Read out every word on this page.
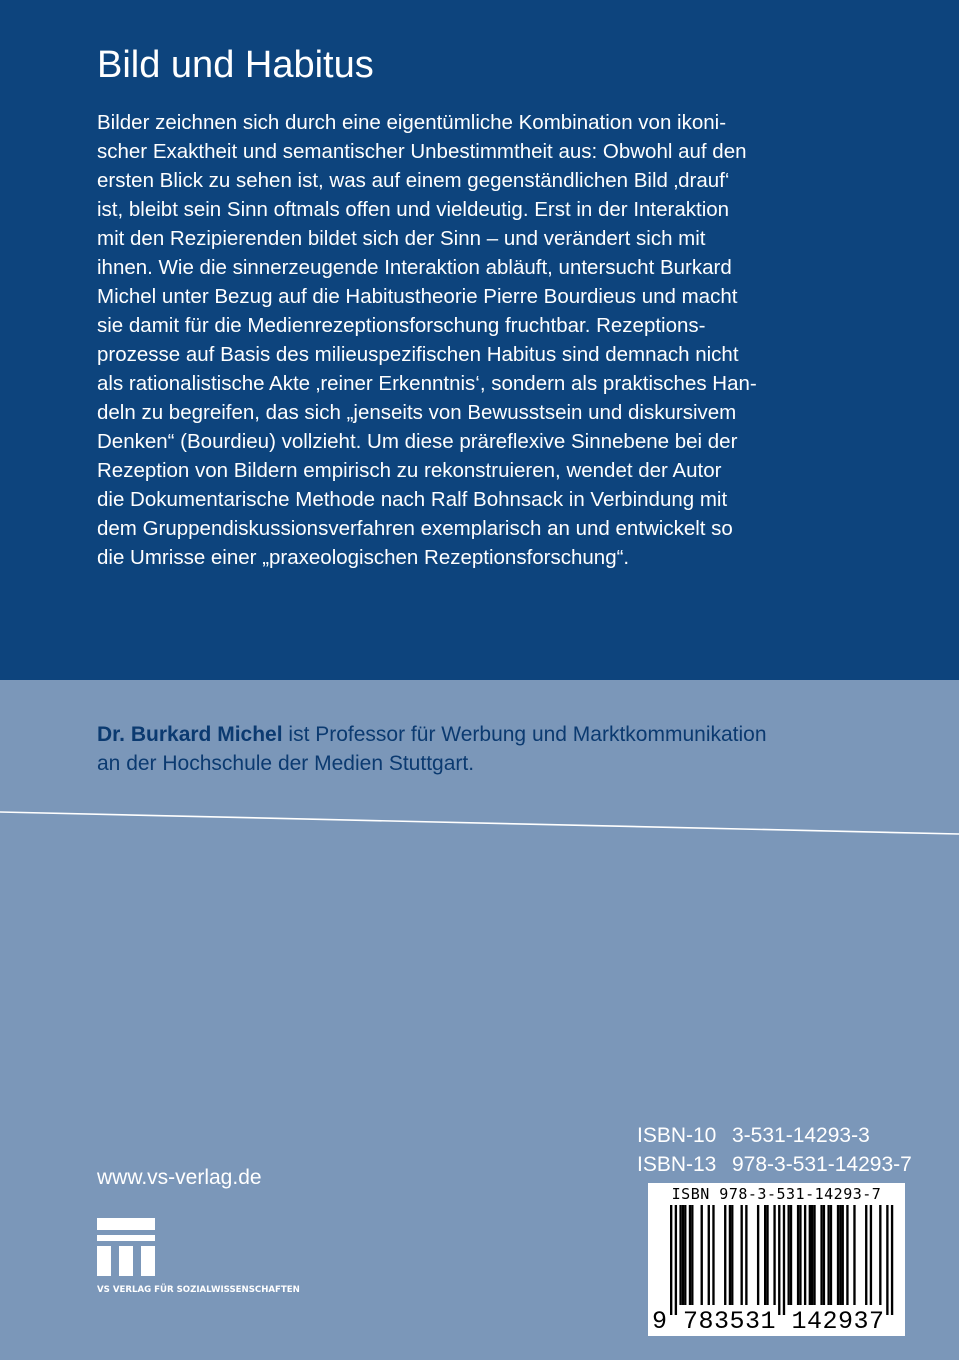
Bild und Habitus
Bilder zeichnen sich durch eine eigentümliche Kombination von ikoni-
scher Exaktheit und semantischer Unbestimmtheit aus: Obwohl auf den
ersten Blick zu sehen ist, was auf einem gegenständlichen Bild ‚drauf‘
ist, bleibt sein Sinn oftmals offen und vieldeutig. Erst in der Interaktion
mit den Rezipierenden bildet sich der Sinn – und verändert sich mit
ihnen. Wie die sinnerzeugende Interaktion abläuft, untersucht Burkard
Michel unter Bezug auf die Habitustheorie Pierre Bourdieus und macht
sie damit für die Medienrezeptionsforschung fruchtbar. Rezeptions-
prozesse auf Basis des milieuspezifischen Habitus sind demnach nicht
als rationalistische Akte ‚reiner Erkenntnis‘, sondern als praktisches Han-
deln zu begreifen, das sich „jenseits von Bewusstsein und diskursivem
Denken“ (Bourdieu) vollzieht. Um diese präreflexive Sinnebene bei der
Rezeption von Bildern empirisch zu rekonstruieren, wendet der Autor
die Dokumentarische Methode nach Ralf Bohnsack in Verbindung mit
dem Gruppendiskussionsverfahren exemplarisch an und entwickelt so
die Umrisse einer „praxeologischen Rezeptionsforschung“.
Dr. Burkard Michel ist Professor für Werbung und Marktkommunikation
an der Hochschule der Medien Stuttgart.
www.vs-verlag.de
VS VERLAG FÜR SOZIALWISSENSCHAFTEN
ISBN-10 3-531-14293-3
ISBN-13 978-3-531-14293-7
ISBN 978-3-531-14293-7
9 783531 142937
